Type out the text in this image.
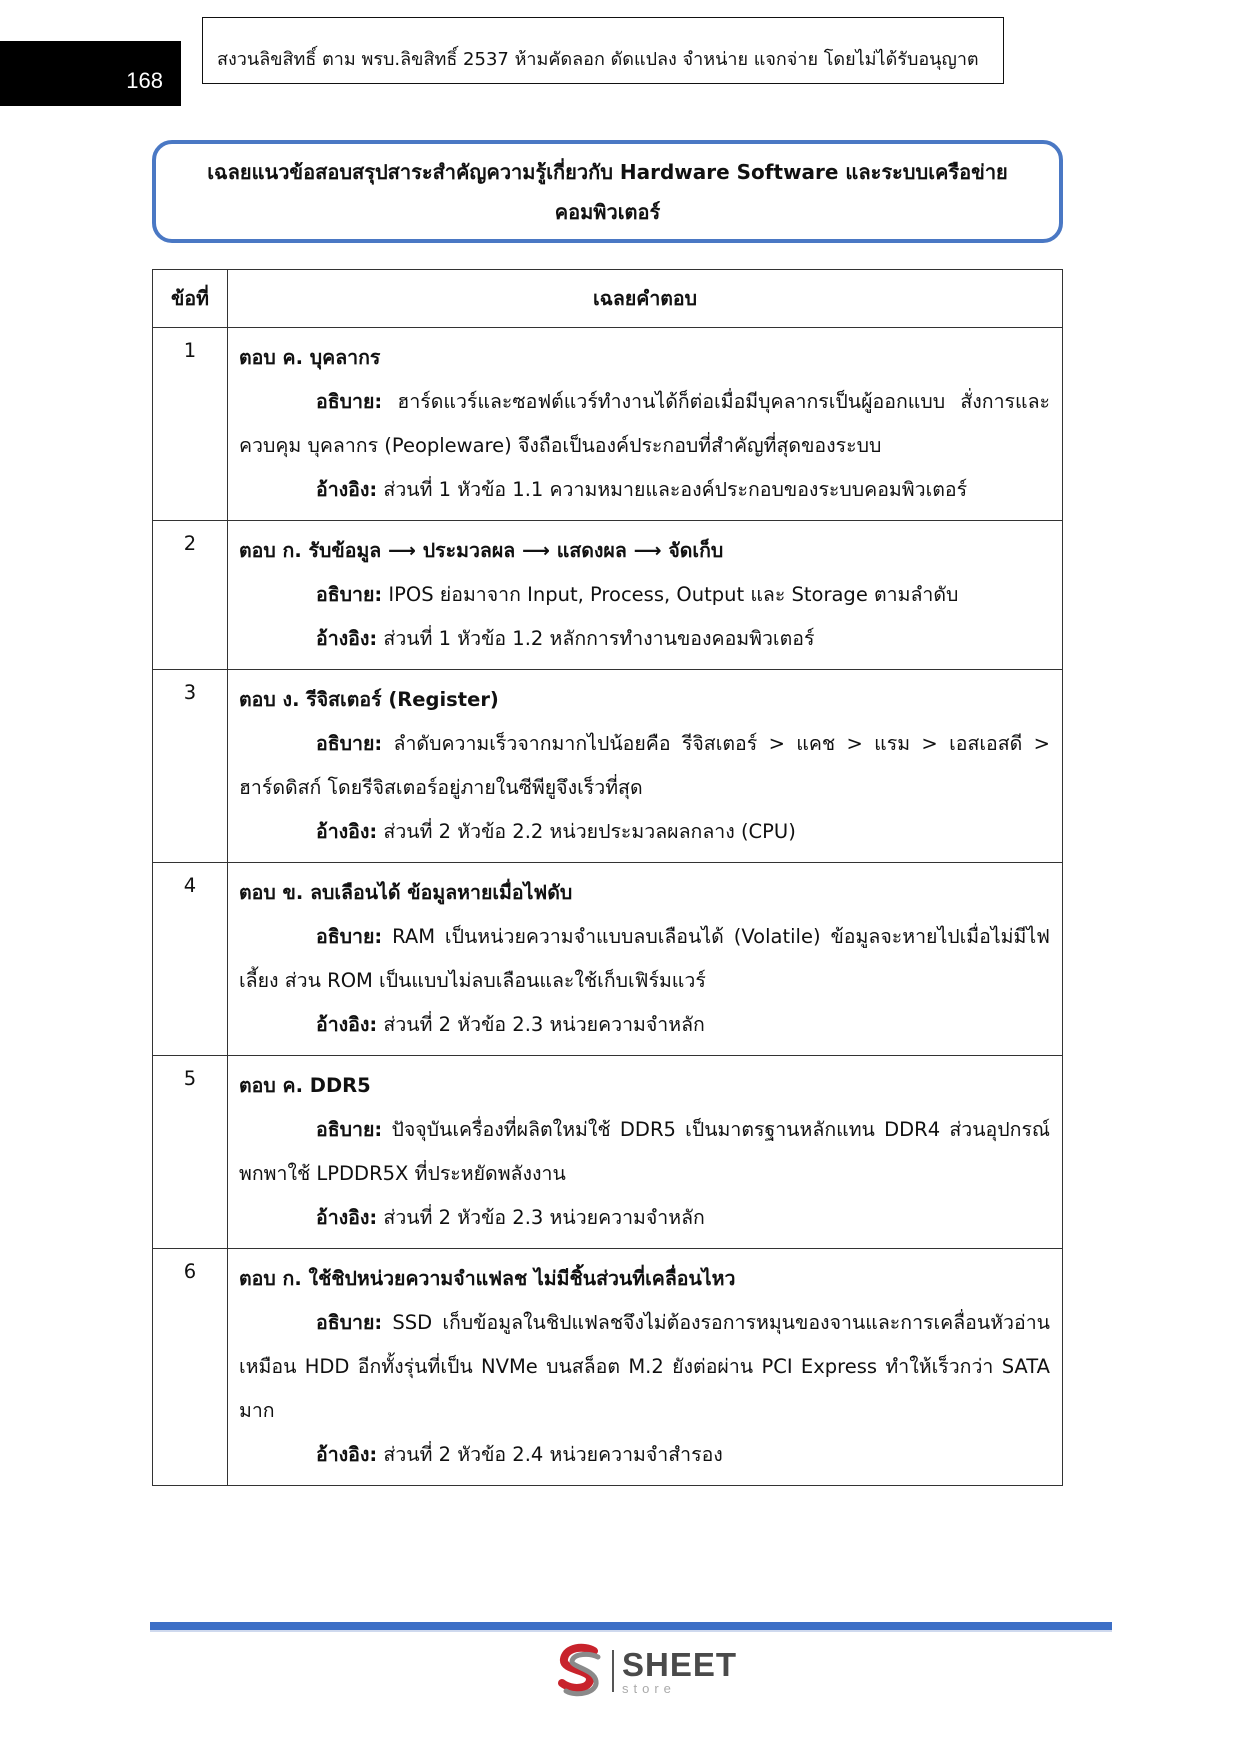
168
สงวนลิขสิทธิ์ ตาม พรบ.ลิขสิทธิ์ 2537 ห้ามคัดลอก ดัดแปลง จำหน่าย แจกจ่าย โดยไม่ได้รับอนุญาต
เฉลยแนวข้อสอบสรุปสาระสำคัญความรู้เกี่ยวกับ Hardware Software และระบบเครือข่าย
คอมพิวเตอร์
ข้อที่	เฉลยคำตอบ
1	ตอบ ค. บุคลากร
อธิบาย: ฮาร์ดแวร์และซอฟต์แวร์ทำงานได้ก็ต่อเมื่อมีบุคลากรเป็นผู้ออกแบบ สั่งการและควบคุม บุคลากร (Peopleware) จึงถือเป็นองค์ประกอบที่สำคัญที่สุดของระบบ
อ้างอิง: ส่วนที่ 1 หัวข้อ 1.1 ความหมายและองค์ประกอบของระบบคอมพิวเตอร์

2	ตอบ ก. รับข้อมูล ⟶ ประมวลผล ⟶ แสดงผล ⟶ จัดเก็บ
อธิบาย: IPOS ย่อมาจาก Input, Process, Output และ Storage ตามลำดับ
อ้างอิง: ส่วนที่ 1 หัวข้อ 1.2 หลักการทำงานของคอมพิวเตอร์

3	ตอบ ง. รีจิสเตอร์ (Register)
อธิบาย: ลำดับความเร็วจากมากไปน้อยคือ รีจิสเตอร์ > แคช > แรม > เอสเอสดี > ฮาร์ดดิสก์ โดยรีจิสเตอร์อยู่ภายในซีพียูจึงเร็วที่สุด
อ้างอิง: ส่วนที่ 2 หัวข้อ 2.2 หน่วยประมวลผลกลาง (CPU)

4	ตอบ ข. ลบเลือนได้ ข้อมูลหายเมื่อไฟดับ
อธิบาย: RAM เป็นหน่วยความจำแบบลบเลือนได้ (Volatile) ข้อมูลจะหายไปเมื่อไม่มีไฟเลี้ยง ส่วน ROM เป็นแบบไม่ลบเลือนและใช้เก็บเฟิร์มแวร์
อ้างอิง: ส่วนที่ 2 หัวข้อ 2.3 หน่วยความจำหลัก

5	ตอบ ค. DDR5
อธิบาย: ปัจจุบันเครื่องที่ผลิตใหม่ใช้ DDR5 เป็นมาตรฐานหลักแทน DDR4 ส่วนอุปกรณ์พกพาใช้ LPDDR5X ที่ประหยัดพลังงาน
อ้างอิง: ส่วนที่ 2 หัวข้อ 2.3 หน่วยความจำหลัก

6	ตอบ ก. ใช้ชิปหน่วยความจำแฟลช ไม่มีชิ้นส่วนที่เคลื่อนไหว
อธิบาย: SSD เก็บข้อมูลในชิปแฟลชจึงไม่ต้องรอการหมุนของจานและการเคลื่อนหัวอ่านเหมือน HDD อีกทั้งรุ่นที่เป็น NVMe บนสล็อต M.2 ยังต่อผ่าน PCI Express ทำให้เร็วกว่า SATA มาก
อ้างอิง: ส่วนที่ 2 หัวข้อ 2.4 หน่วยความจำสำรอง
SHEET
store
